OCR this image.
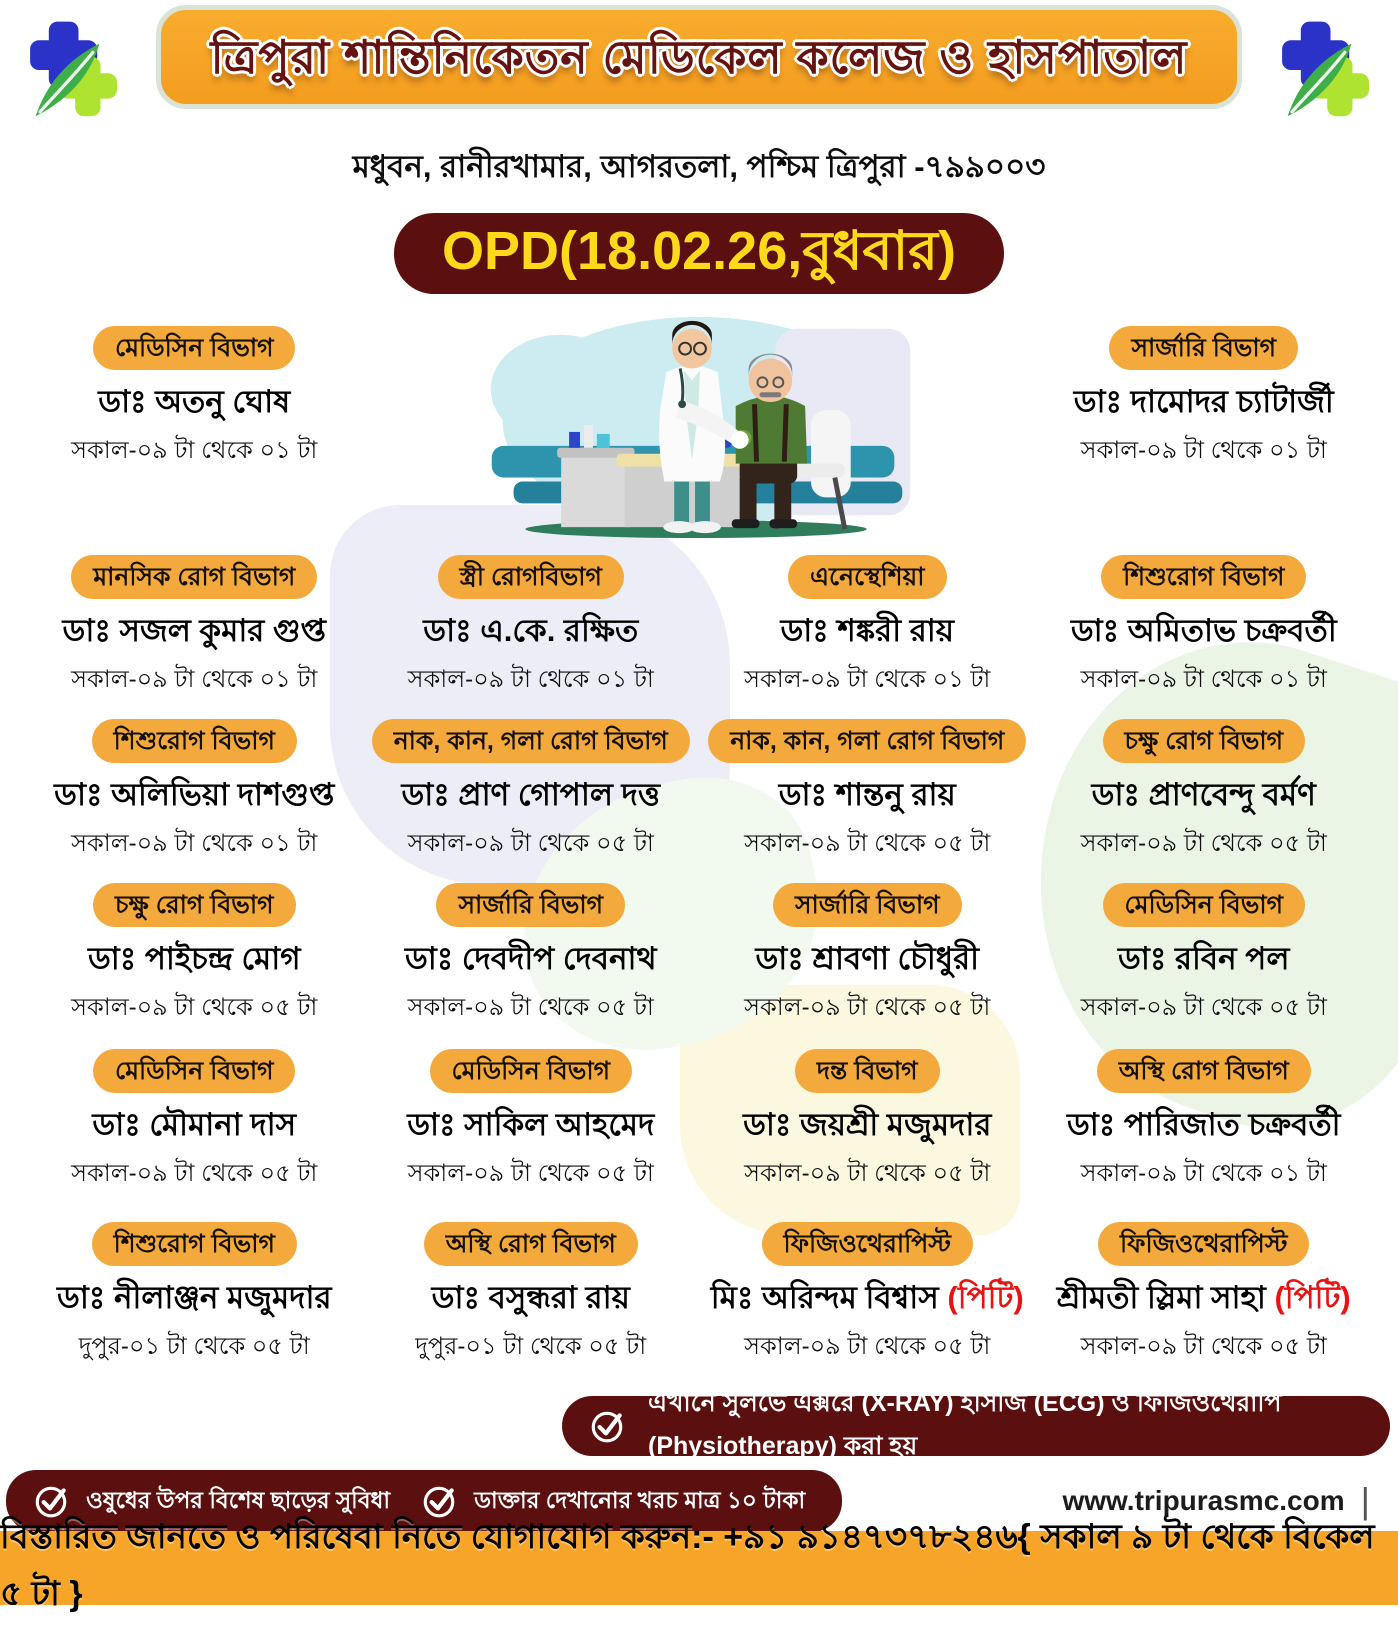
ত্রিপুরা শান্তিনিকেতন মেডিকেল কলেজ ও হাসপাতাল
মধুবন, রানীরখামার, আগরতলা, পশ্চিম ত্রিপুরা -৭৯৯০০৩
OPD(18.02.26,বুধবার)
মেডিসিন বিভাগ
ডাঃ অতনু ঘোষ
সকাল-০৯ টা থেকে ০১ টা
সার্জারি বিভাগ
ডাঃ দামোদর চ্যাটার্জী
সকাল-০৯ টা থেকে ০১ টা
মানসিক রোগ বিভাগ
ডাঃ সজল কুমার গুপ্ত
সকাল-০৯ টা থেকে ০১ টা
স্ত্রী রোগবিভাগ
ডাঃ এ.কে. রক্ষিত
সকাল-০৯ টা থেকে ০১ টা
এনেস্থেশিয়া
ডাঃ শঙ্করী রায়
সকাল-০৯ টা থেকে ০১ টা
শিশুরোগ বিভাগ
ডাঃ অমিতাভ চক্রবর্তী
সকাল-০৯ টা থেকে ০১ টা
শিশুরোগ বিভাগ
ডাঃ অলিভিয়া দাশগুপ্ত
সকাল-০৯ টা থেকে ০১ টা
নাক, কান, গলা রোগ বিভাগ
ডাঃ প্রাণ গোপাল দত্ত
সকাল-০৯ টা থেকে ০৫ টা
নাক, কান, গলা রোগ বিভাগ
ডাঃ শান্তনু রায়
সকাল-০৯ টা থেকে ০৫ টা
চক্ষু রোগ বিভাগ
ডাঃ প্রাণবেন্দু বর্মণ
সকাল-০৯ টা থেকে ০৫ টা
চক্ষু রোগ বিভাগ
ডাঃ পাইচন্দ্র মোগ
সকাল-০৯ টা থেকে ০৫ টা
সার্জারি বিভাগ
ডাঃ দেবদীপ দেবনাথ
সকাল-০৯ টা থেকে ০৫ টা
সার্জারি বিভাগ
ডাঃ শ্রাবণা চৌধুরী
সকাল-০৯ টা থেকে ০৫ টা
মেডিসিন বিভাগ
ডাঃ রবিন পল
সকাল-০৯ টা থেকে ০৫ টা
মেডিসিন বিভাগ
ডাঃ মৌমানা দাস
সকাল-০৯ টা থেকে ০৫ টা
মেডিসিন বিভাগ
ডাঃ সাকিল আহমেদ
সকাল-০৯ টা থেকে ০৫ টা
দন্ত বিভাগ
ডাঃ জয়শ্রী মজুমদার
সকাল-০৯ টা থেকে ০৫ টা
অস্থি রোগ বিভাগ
ডাঃ পারিজাত চক্রবর্তী
সকাল-০৯ টা থেকে ০১ টা
শিশুরোগ বিভাগ
ডাঃ নীলাঞ্জন মজুমদার
দুপুর-০১ টা থেকে ০৫ টা
অস্থি রোগ বিভাগ
ডাঃ বসুন্ধরা রায়
দুপুর-০১ টা থেকে ০৫ টা
ফিজিওথেরাপিস্ট
মিঃ অরিন্দম বিশ্বাস (পিটি)
সকাল-০৯ টা থেকে ০৫ টা
ফিজিওথেরাপিস্ট
শ্রীমতী স্লিমা সাহা (পিটি)
সকাল-০৯ টা থেকে ০৫ টা
এখানে সুলভে এক্সরে (X-RAY) ইসিজি (ECG) ও ফিজিওথেরাপি (Physiotherapy) করা হয়
ওষুধের উপর বিশেষ ছাড়ের সুবিধা	ডাক্তার দেখানোর খরচ মাত্র ১০ টাকা	www.tripurasmc.com |
বিস্তারিত জানতে ও পরিষেবা নিতে যোগাযোগ করুন:- +৯১ ৯১৪৭৩৭৮২৪৬{ সকাল ৯ টা থেকে বিকেল ৫ টা }
